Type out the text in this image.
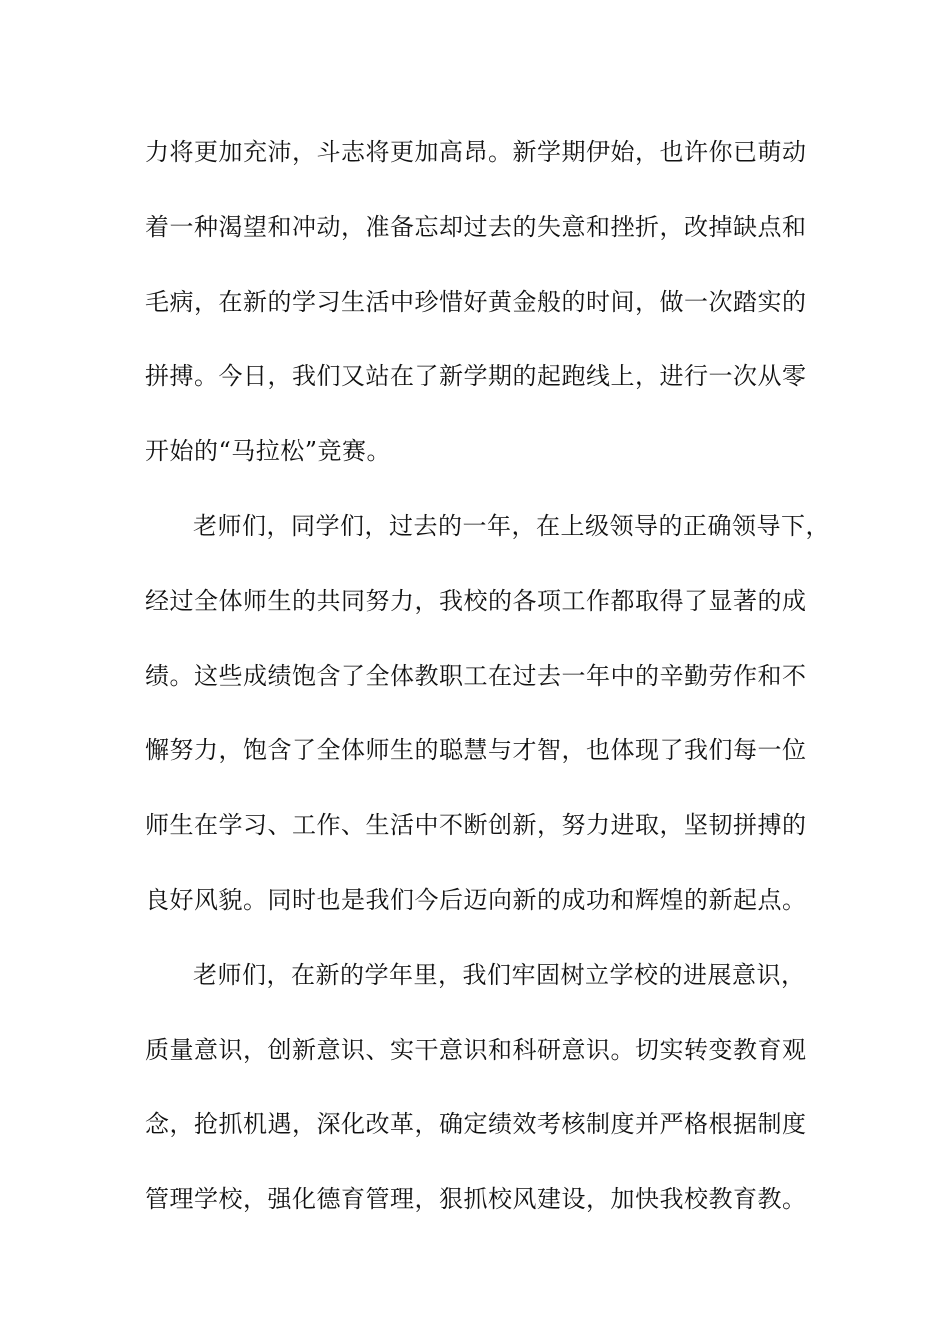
力将更加充沛，斗志将更加高昂。新学期伊始，也许你已萌动
着一种渴望和冲动，准备忘却过去的失意和挫折，改掉缺点和
毛病，在新的学习生活中珍惜好黄金般的时间，做一次踏实的
拼搏。今日，我们又站在了新学期的起跑线上，进行一次从零
开始的“马拉松”竞赛。
老师们，同学们，过去的一年，在上级领导的正确领导下，
经过全体师生的共同努力，我校的各项工作都取得了显著的成
绩。这些成绩饱含了全体教职工在过去一年中的辛勤劳作和不
懈努力，饱含了全体师生的聪慧与才智，也体现了我们每一位
师生在学习、工作、生活中不断创新，努力进取，坚韧拼搏的
良好风貌。同时也是我们今后迈向新的成功和辉煌的新起点。
老师们，在新的学年里，我们牢固树立学校的进展意识，
质量意识，创新意识、实干意识和科研意识。切实转变教育观
念，抢抓机遇，深化改革，确定绩效考核制度并严格根据制度
管理学校，强化德育管理，狠抓校风建设，加快我校教育教。
